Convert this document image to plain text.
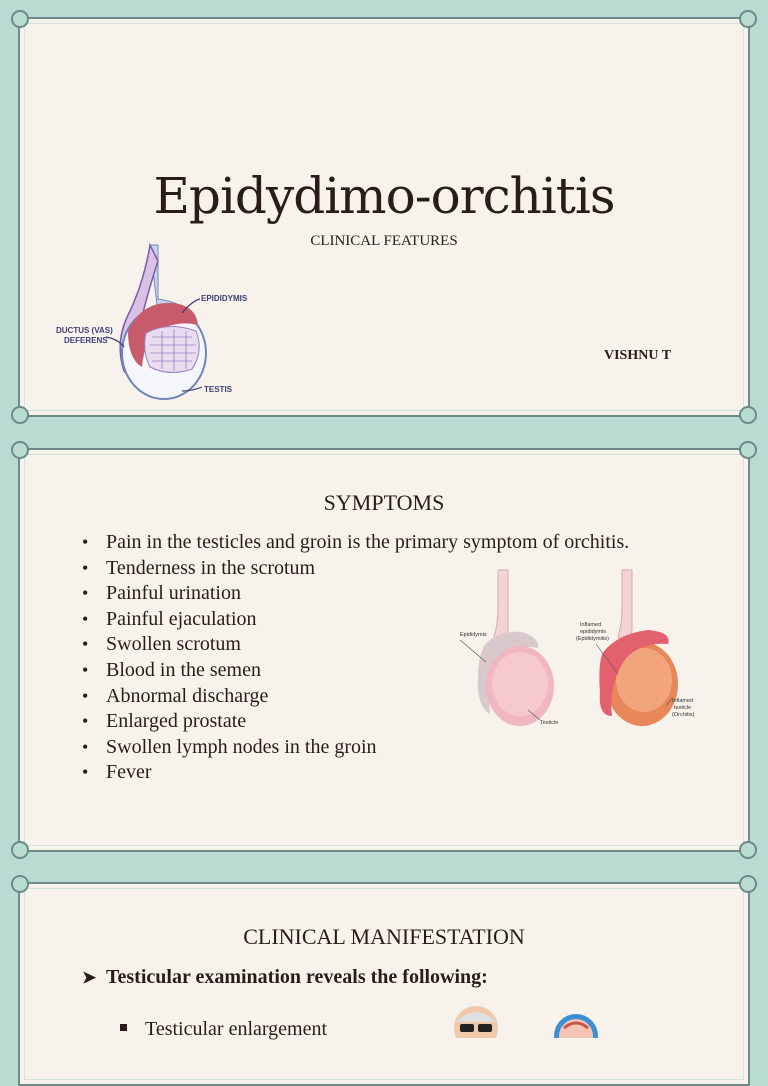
Epidydimo-orchitis
CLINICAL FEATURES
VISHNU T
EPIDIDYMIS
DUCTUS (VAS)
DEFERENS
TESTIS
SYMPTOMS
• Pain in the testicles and groin is the primary symptom of orchitis.
• Tenderness in the scrotum
• Painful urination
• Painful ejaculation
• Swollen scrotum
• Blood in the semen
• Abnormal discharge
• Enlarged prostate
• Swollen lymph nodes in the groin
• Fever
Epididymis
Testicle
Inflamed
epididymis
(Epididymitis)
Inflamed
testicle
(Orchitis)
CLINICAL MANIFESTATION
➤ Testicular examination reveals the following:
Testicular enlargement
